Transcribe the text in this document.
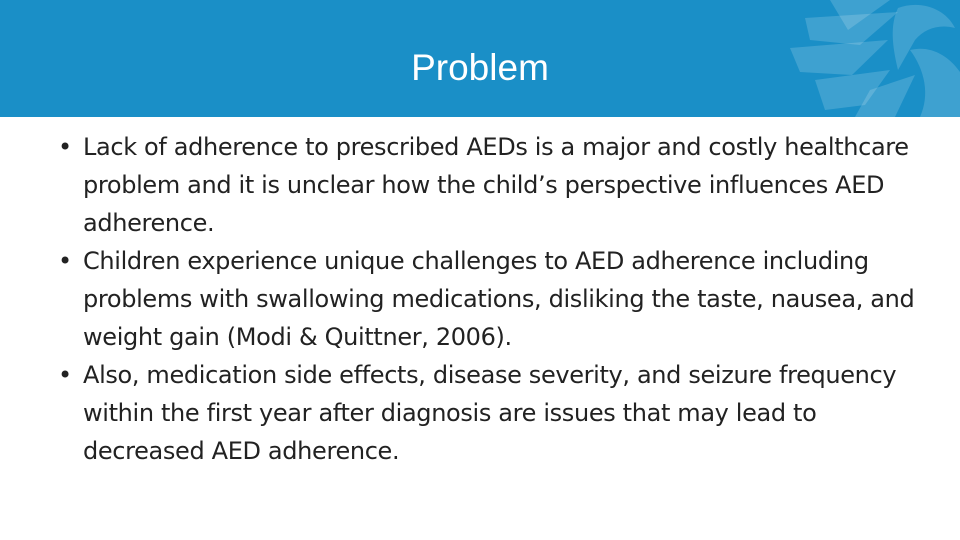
Problem
• Lack of adherence to prescribed AEDs is a major and costly healthcare problem and it is unclear how the child’s perspective influences AED adherence.
• Children experience unique challenges to AED adherence including problems with swallowing medications, disliking the taste, nausea, and weight gain (Modi & Quittner, 2006).
• Also, medication side effects, disease severity, and seizure frequency within the first year after diagnosis are issues that may lead to decreased AED adherence.
